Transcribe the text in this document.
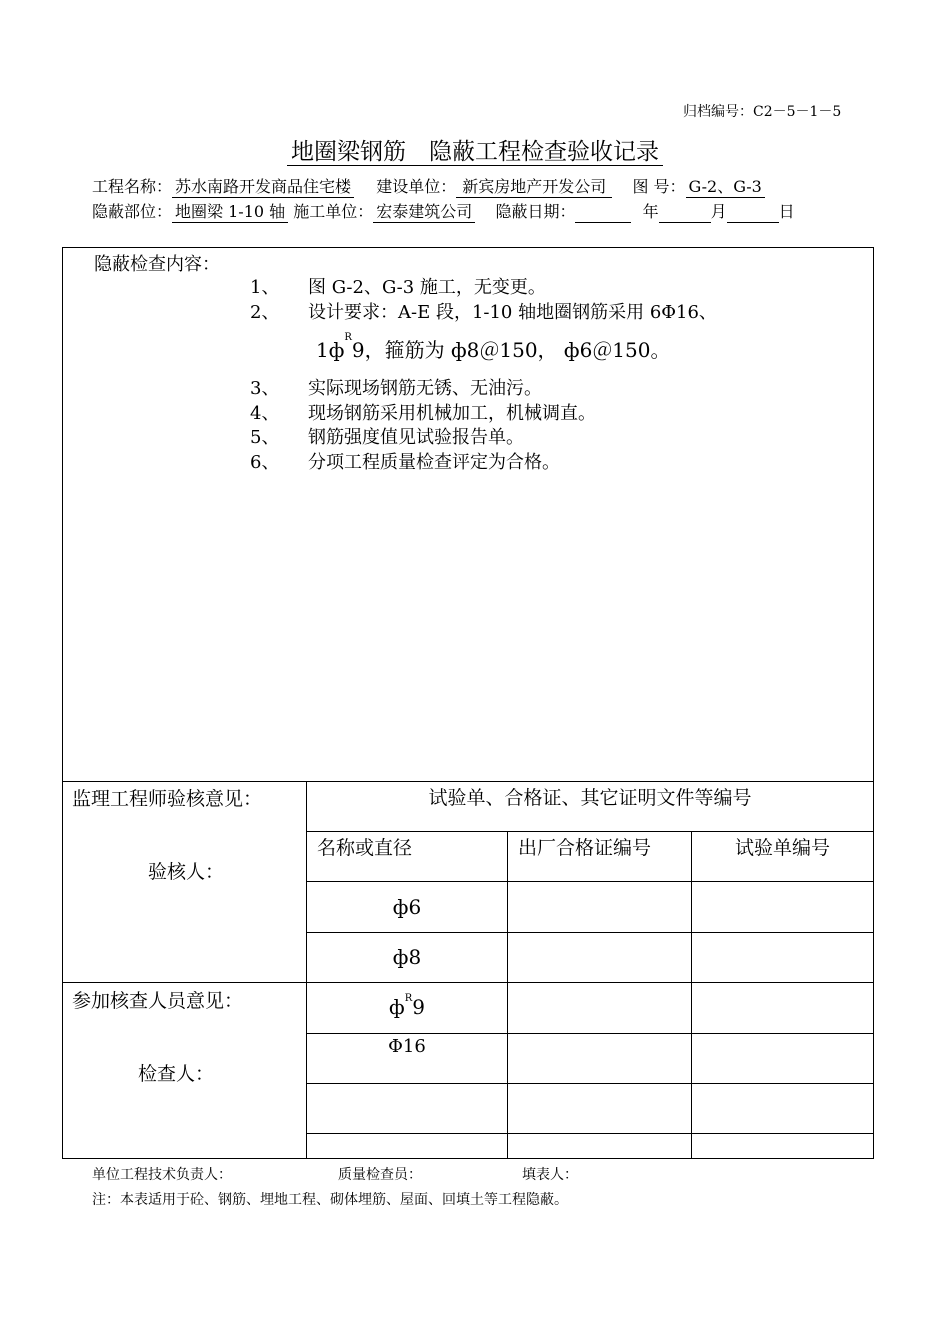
归档编号：C2－5－1－5
地圈梁钢筋　隐蔽工程检查验收记录
工程名称： 苏水南路开发商品住宅楼 建设单位： 新宾房地产开发公司 图 号： G-2、G-3
隐蔽部位： 地圈梁 1-10 轴 施工单位： 宏泰建筑公司 隐蔽日期：	年	月	日
隐蔽检查内容：
1、 图 G-2、G-3 施工，无变更。
2、 设计要求：A-E 段，1-10 轴地圈钢筋采用 6Φ16、
$1ф^R9$，箍筋为 ф8＠150， ф6＠150。
3、 实际现场钢筋无锈、无油污。
4、 现场钢筋采用机械加工，机械调直。
5、 钢筋强度值见试验报告单。
6、 分项工程质量检查评定为合格。
监理工程师验核意见：
验核人：
参加核查人员意见：
检查人：
试验单、合格证、其它证明文件等编号
名称或直径	出厂合格证编号	试验单编号
ф6
ф8
$ф^R9$
Φ16
单位工程技术负责人：	质量检查员：	填表人：
注：本表适用于砼、钢筋、埋地工程、砌体埋筋、屋面、回填土等工程隐蔽。
